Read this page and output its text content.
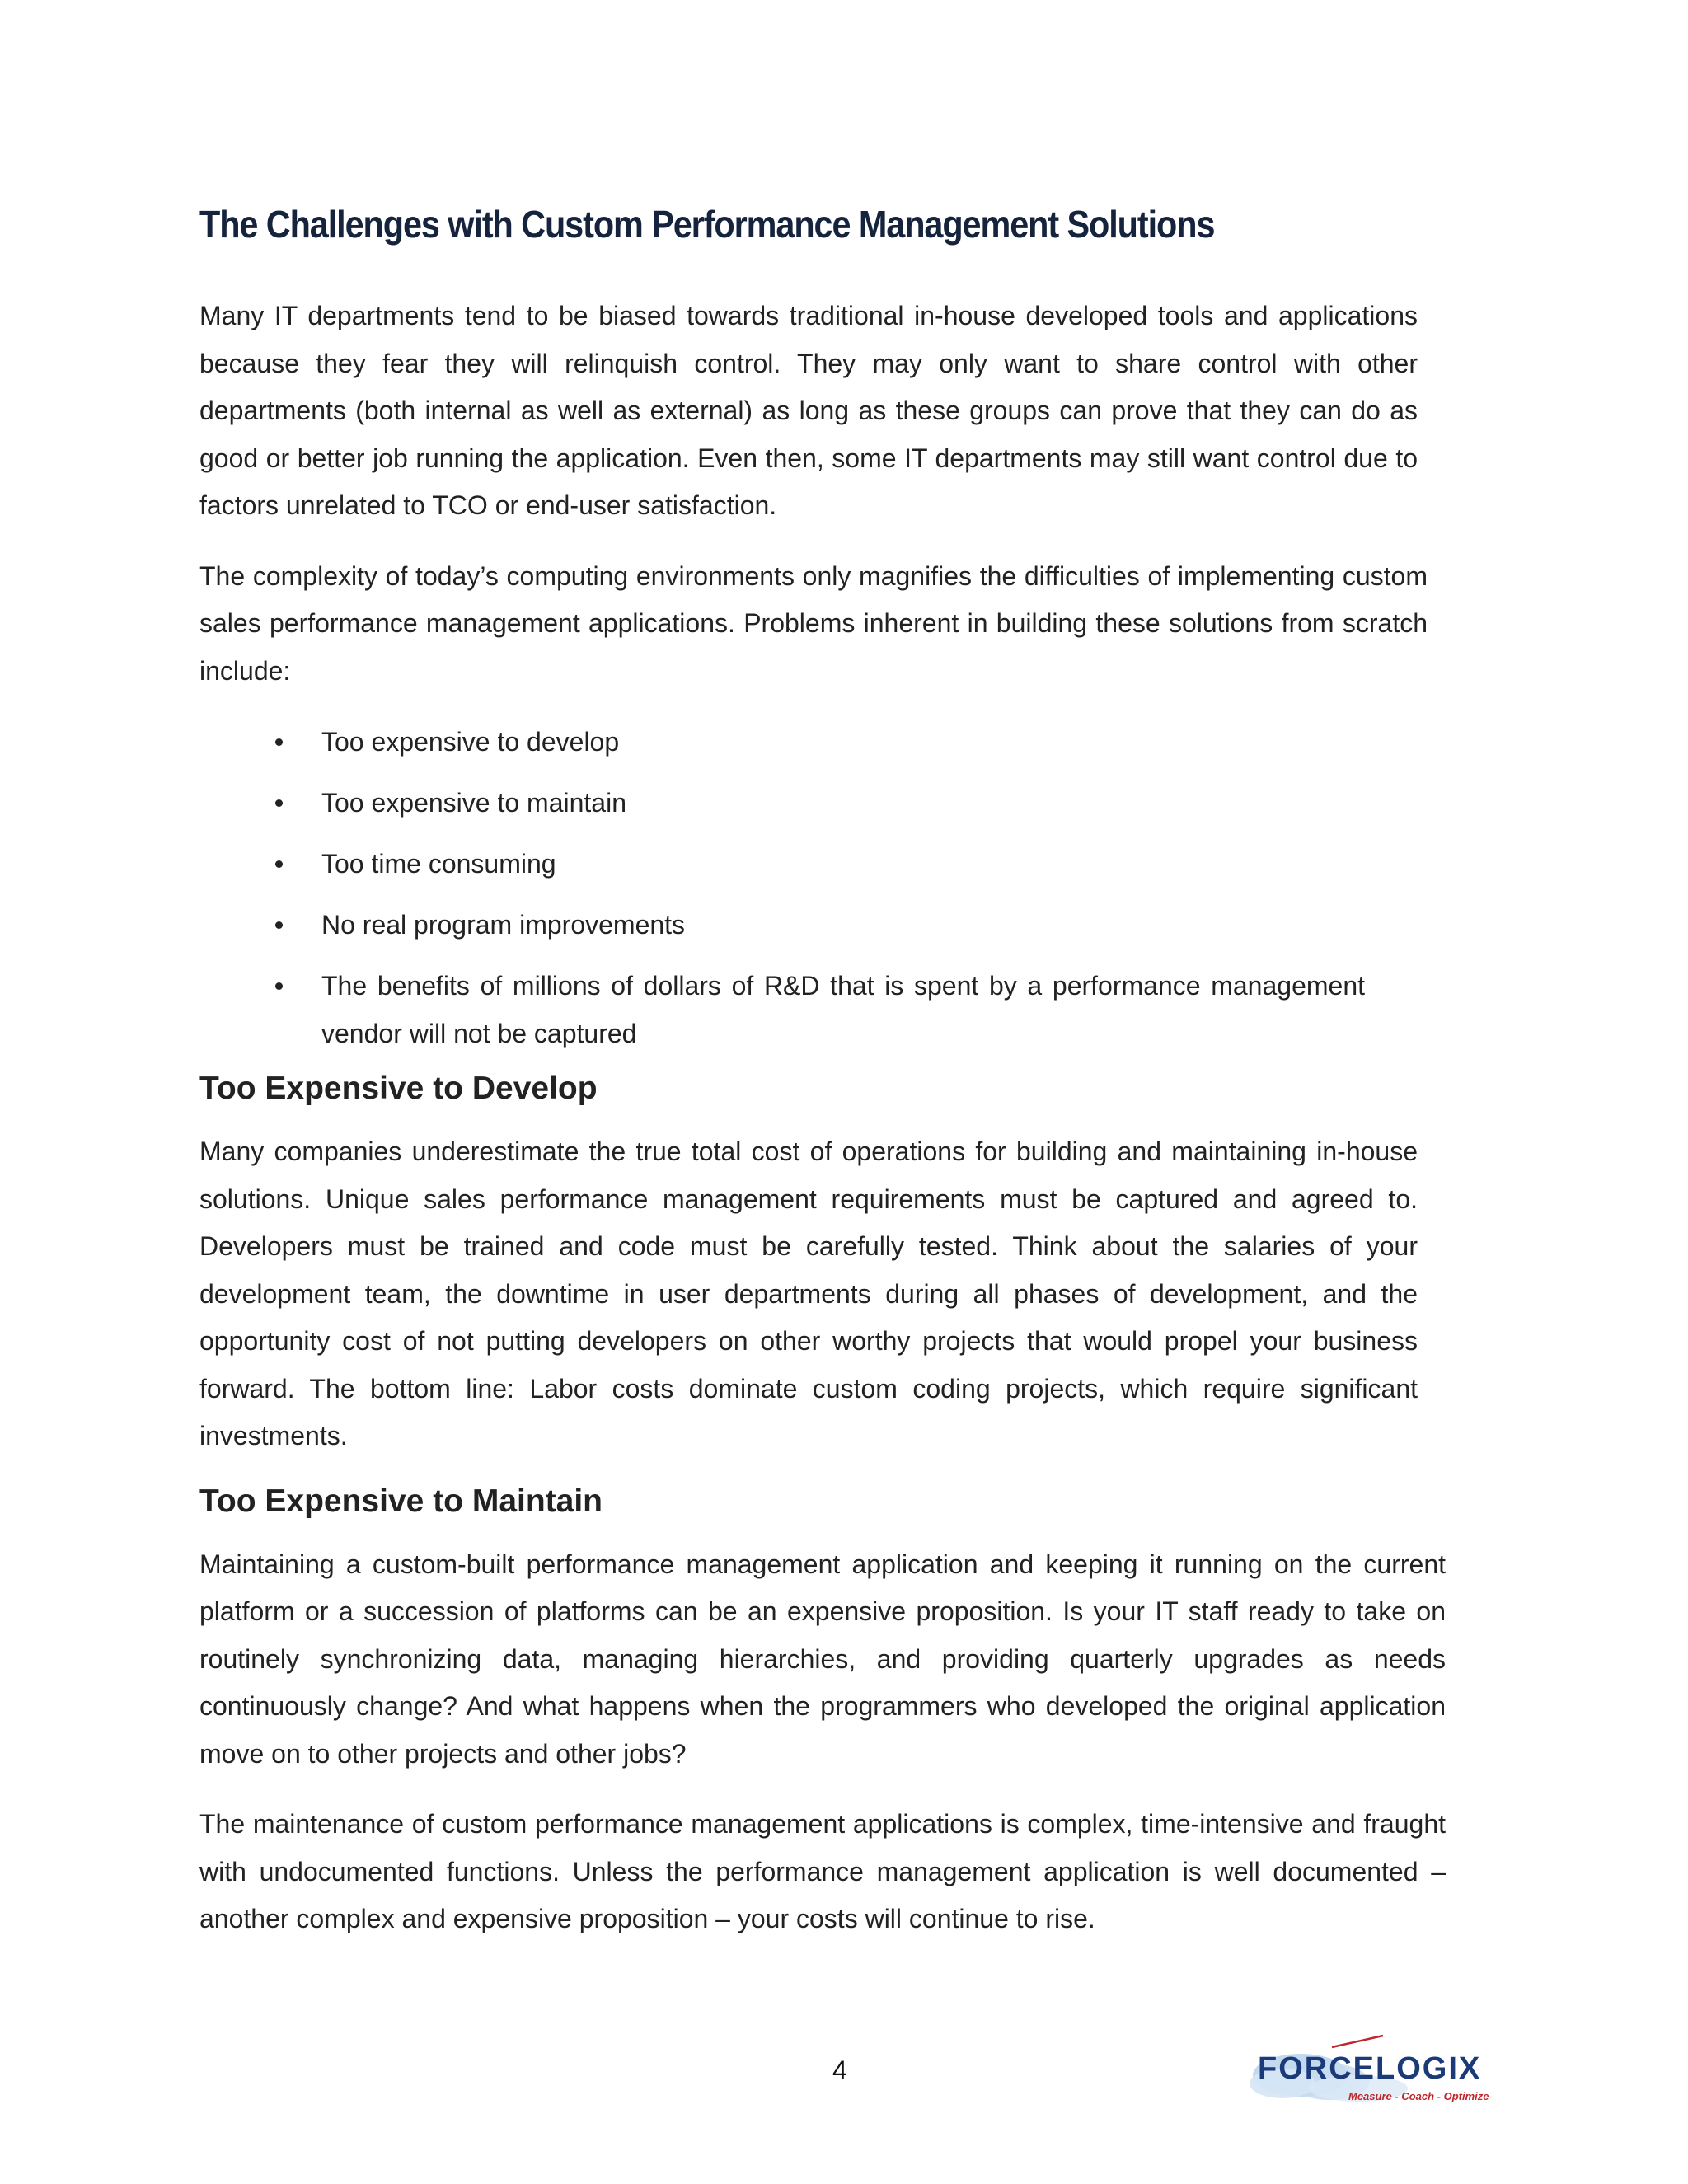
The Challenges with Custom Performance Management Solutions

Many IT departments tend to be biased towards traditional in-house developed tools and applications because they fear they will relinquish control. They may only want to share control with other departments (both internal as well as external) as long as these groups can prove that they can do as good or better job running the application. Even then, some IT departments may still want control due to factors unrelated to TCO or end-user satisfaction.

The complexity of today’s computing environments only magnifies the difficulties of implementing custom sales performance management applications. Problems inherent in building these solutions from scratch include:

Too expensive to develop
Too expensive to maintain
Too time consuming
No real program improvements
The benefits of millions of dollars of R&D that is spent by a performance management vendor will not be captured
Too Expensive to Develop

Many companies underestimate the true total cost of operations for building and maintaining in-house solutions. Unique sales performance management requirements must be captured and agreed to. Developers must be trained and code must be carefully tested. Think about the salaries of your development team, the downtime in user departments during all phases of development, and the opportunity cost of not putting developers on other worthy projects that would propel your business forward. The bottom line: Labor costs dominate custom coding projects, which require significant investments.

Too Expensive to Maintain

Maintaining a custom-built performance management application and keeping it running on the current platform or a succession of platforms can be an expensive proposition. Is your IT staff ready to take on routinely synchronizing data, managing hierarchies, and providing quarterly upgrades as needs continuously change? And what happens when the programmers who developed the original application move on to other projects and other jobs?

The maintenance of custom performance management applications is complex, time-intensive and fraught with undocumented functions. Unless the performance management application is well documented – another complex and expensive proposition – your costs will continue to rise.

4	FORCELOGIX
Measure - Coach - Optimize
